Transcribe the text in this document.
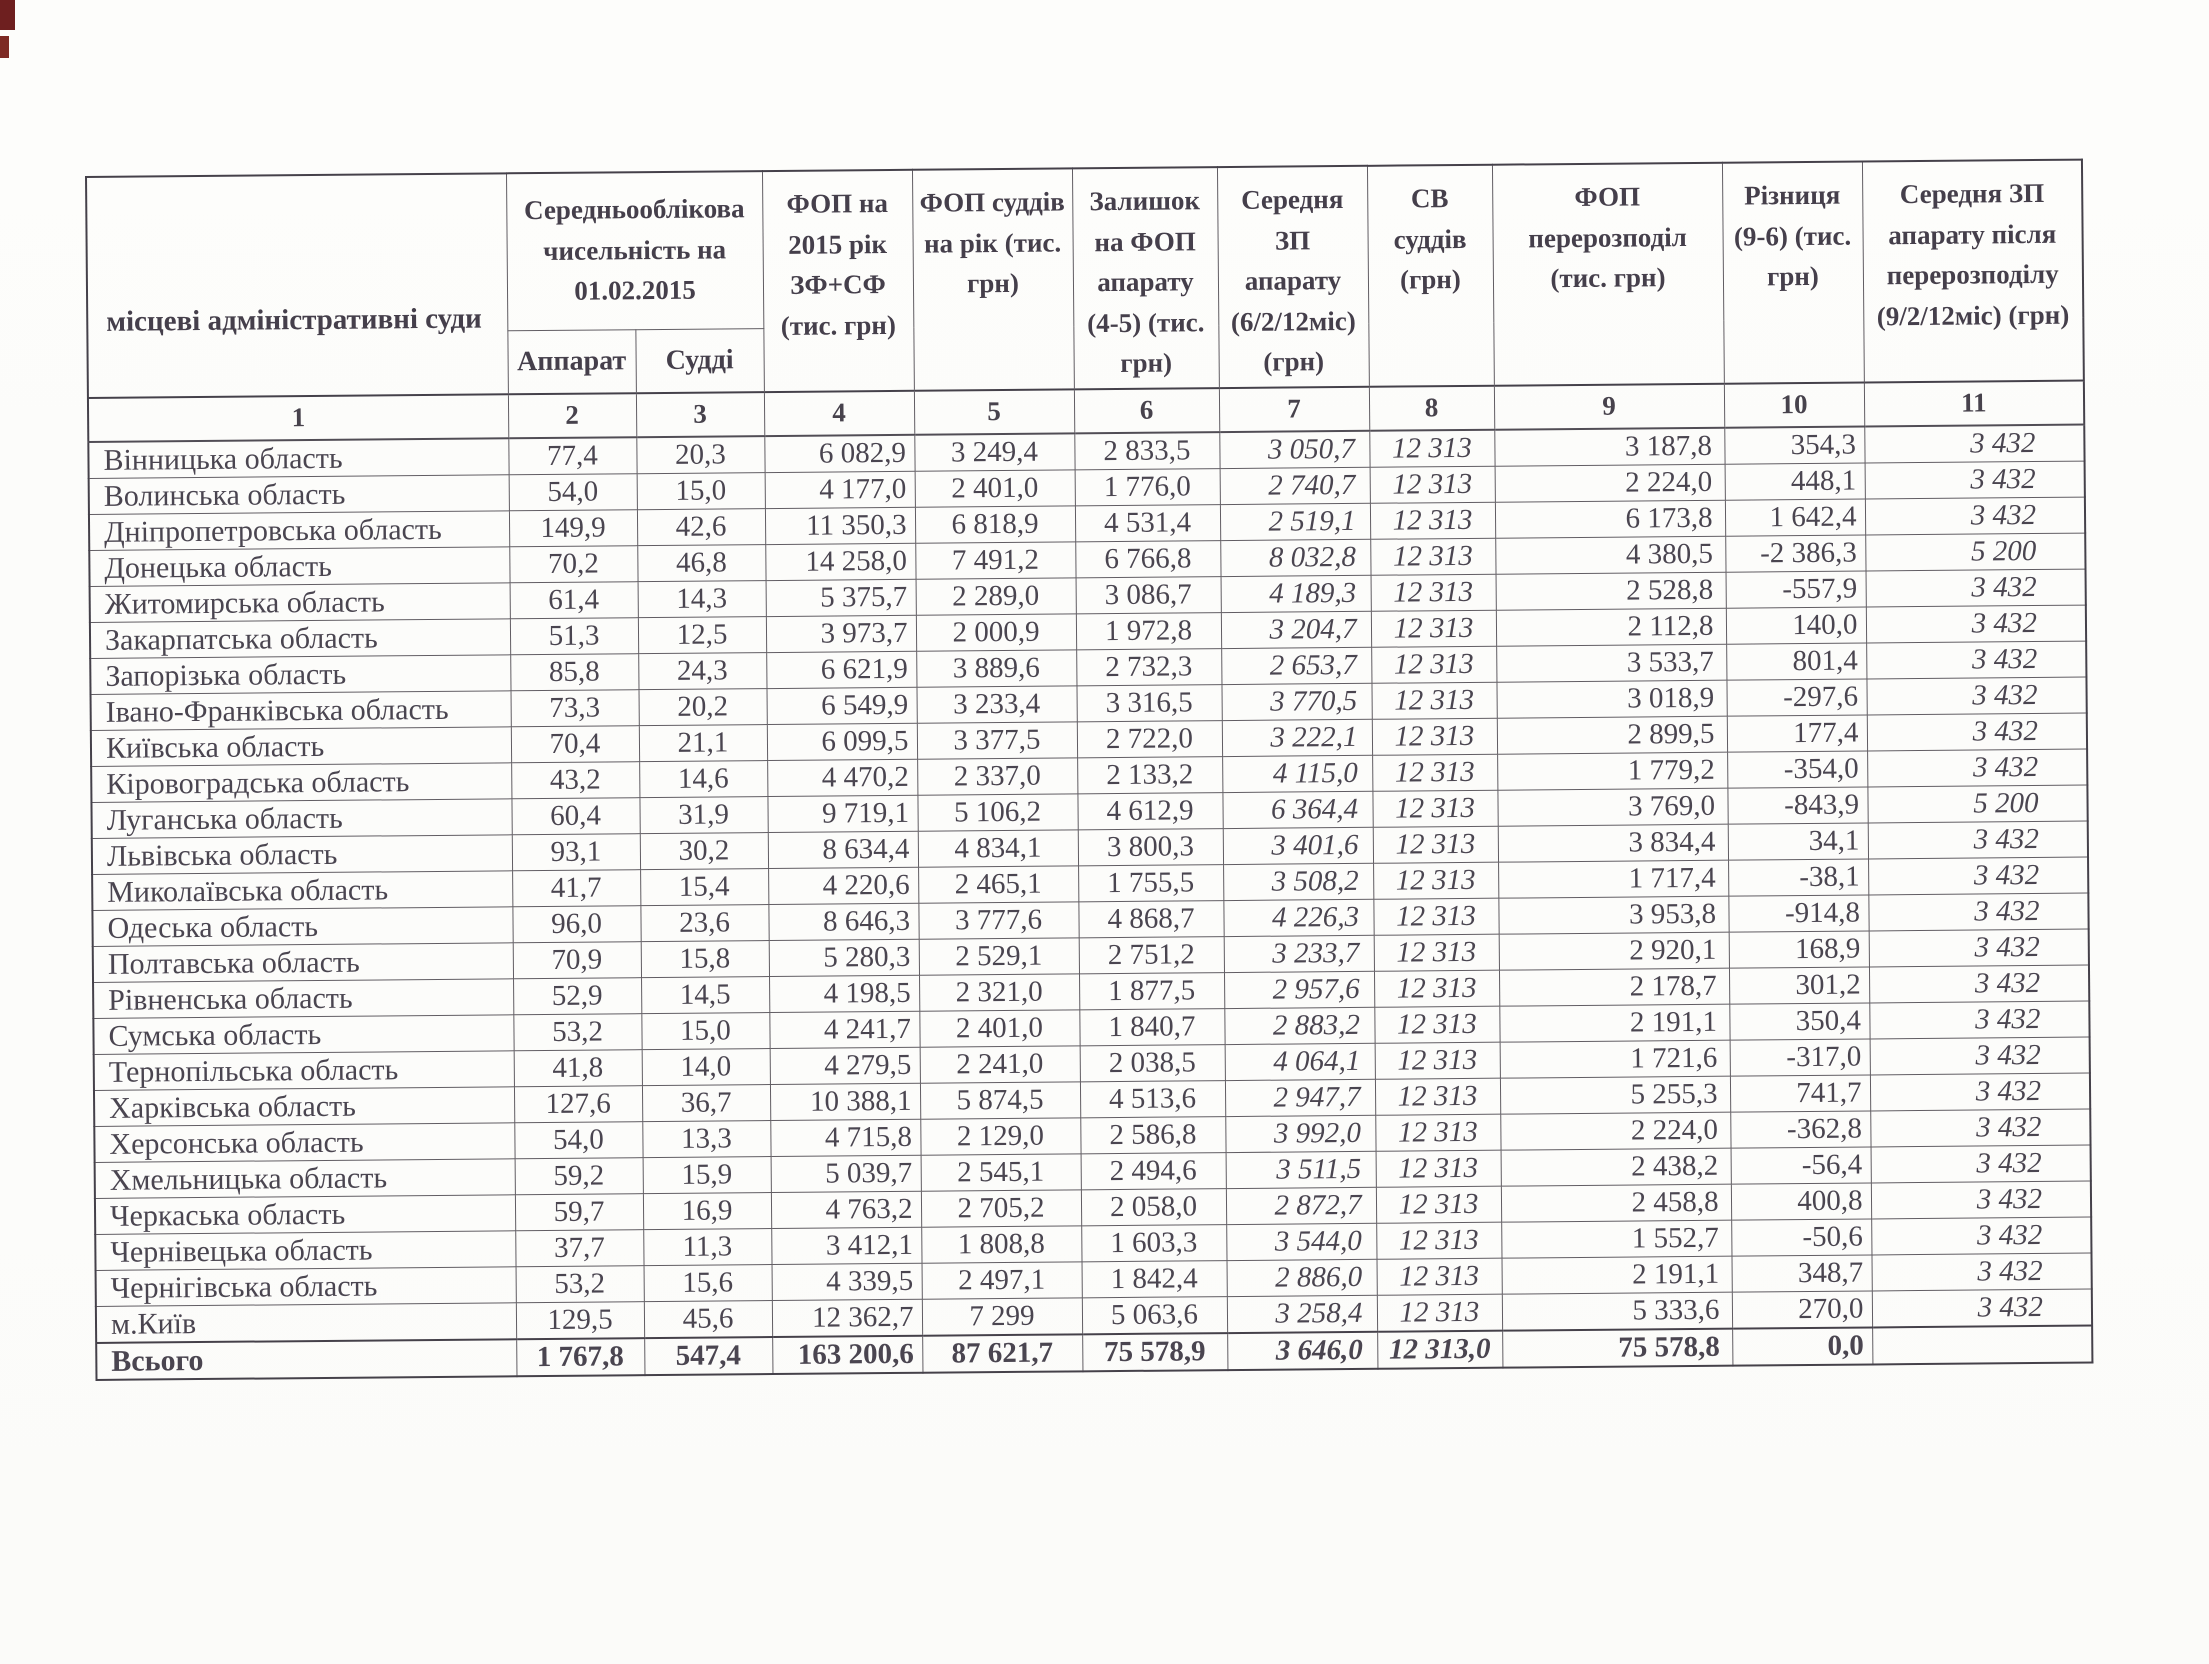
місцеві адміністративні суди	Середньооблікова чисельність на 01.02.2015		ФОП на 2015 рік ЗФ+СФ (тис. грн)	ФОП суддів на рік (тис. грн)	Залишок на ФОП апарату (4-5) (тис. грн)	Середня ЗП апарату (6/2/12міс) (грн)	СВ суддів (грн)	ФОП перерозподіл (тис. грн)	Різниця (9-6) (тис. грн)	Середня ЗП апарату після перерозподілу (9/2/12міс) (грн)
	Аппарат	Судді								
1	2	3	4	5	6	7	8	9	10	11
Вінницька область	77,4	20,3	6 082,9	3 249,4	2 833,5	3 050,7	12 313	3 187,8	354,3	3 432
Волинська область	54,0	15,0	4 177,0	2 401,0	1 776,0	2 740,7	12 313	2 224,0	448,1	3 432
Дніпропетровська область	149,9	42,6	11 350,3	6 818,9	4 531,4	2 519,1	12 313	6 173,8	1 642,4	3 432
Донецька область	70,2	46,8	14 258,0	7 491,2	6 766,8	8 032,8	12 313	4 380,5	-2 386,3	5 200
Житомирська область	61,4	14,3	5 375,7	2 289,0	3 086,7	4 189,3	12 313	2 528,8	-557,9	3 432
Закарпатська область	51,3	12,5	3 973,7	2 000,9	1 972,8	3 204,7	12 313	2 112,8	140,0	3 432
Запорізька область	85,8	24,3	6 621,9	3 889,6	2 732,3	2 653,7	12 313	3 533,7	801,4	3 432
Івано-Франківська область	73,3	20,2	6 549,9	3 233,4	3 316,5	3 770,5	12 313	3 018,9	-297,6	3 432
Київська область	70,4	21,1	6 099,5	3 377,5	2 722,0	3 222,1	12 313	2 899,5	177,4	3 432
Кіровоградська область	43,2	14,6	4 470,2	2 337,0	2 133,2	4 115,0	12 313	1 779,2	-354,0	3 432
Луганська область	60,4	31,9	9 719,1	5 106,2	4 612,9	6 364,4	12 313	3 769,0	-843,9	5 200
Львівська область	93,1	30,2	8 634,4	4 834,1	3 800,3	3 401,6	12 313	3 834,4	34,1	3 432
Миколаївська область	41,7	15,4	4 220,6	2 465,1	1 755,5	3 508,2	12 313	1 717,4	-38,1	3 432
Одеська область	96,0	23,6	8 646,3	3 777,6	4 868,7	4 226,3	12 313	3 953,8	-914,8	3 432
Полтавська область	70,9	15,8	5 280,3	2 529,1	2 751,2	3 233,7	12 313	2 920,1	168,9	3 432
Рівненська область	52,9	14,5	4 198,5	2 321,0	1 877,5	2 957,6	12 313	2 178,7	301,2	3 432
Сумська область	53,2	15,0	4 241,7	2 401,0	1 840,7	2 883,2	12 313	2 191,1	350,4	3 432
Тернопільська область	41,8	14,0	4 279,5	2 241,0	2 038,5	4 064,1	12 313	1 721,6	-317,0	3 432
Харківська область	127,6	36,7	10 388,1	5 874,5	4 513,6	2 947,7	12 313	5 255,3	741,7	3 432
Херсонська область	54,0	13,3	4 715,8	2 129,0	2 586,8	3 992,0	12 313	2 224,0	-362,8	3 432
Хмельницька область	59,2	15,9	5 039,7	2 545,1	2 494,6	3 511,5	12 313	2 438,2	-56,4	3 432
Черкаська область	59,7	16,9	4 763,2	2 705,2	2 058,0	2 872,7	12 313	2 458,8	400,8	3 432
Чернівецька область	37,7	11,3	3 412,1	1 808,8	1 603,3	3 544,0	12 313	1 552,7	-50,6	3 432
Чернігівська область	53,2	15,6	4 339,5	2 497,1	1 842,4	2 886,0	12 313	2 191,1	348,7	3 432
м.Київ	129,5	45,6	12 362,7	7 299	5 063,6	3 258,4	12 313	5 333,6	270,0	3 432
Всього	1 767,8	547,4	163 200,6	87 621,7	75 578,9	3 646,0	12 313,0	75 578,8	0,0	
